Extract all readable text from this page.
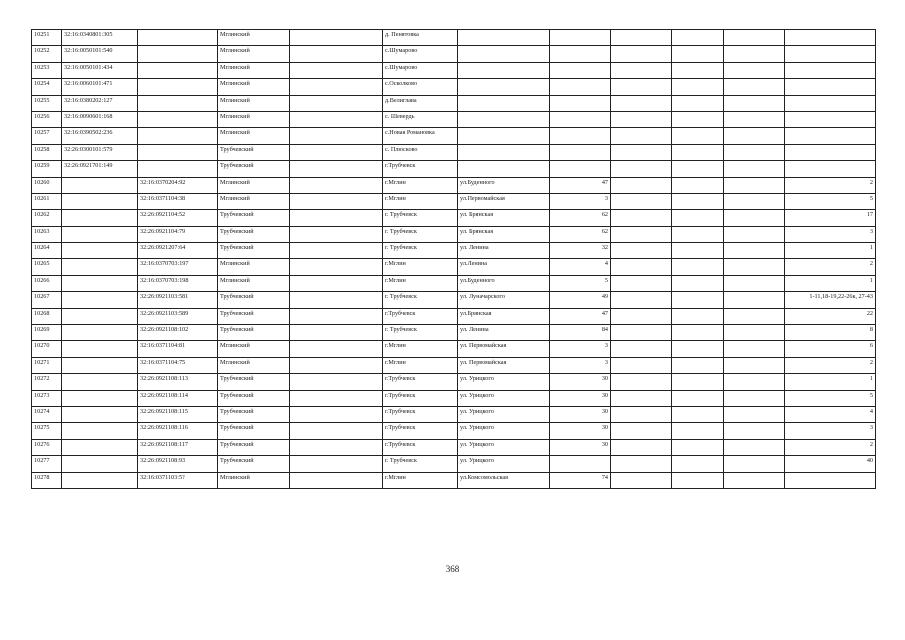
10251	32:16:0340801:305		Мглинский		д. Пенятовка						
10252	32:16:0050101:540		Мглинский		с.Шумарово						
10253	32:16:0050101:434		Мглинский		с.Шумарово						
10254	32:16:0060101:471		Мглинский		с.Осколково						
10255	32:16:0380202:127		Мглинский		д.Велиглава						
10256	32:16:0090601:168		Мглинский		с. Шевердь						
10257	32:16:0390502:236		Мглинский		с.Новая Романовка						
10258	32:26:0300101:579		Трубчевский		с. Плюсково						
10259	32:26:0921701:149		Трубчевский		г.Трубчевск						
10260		32:16:0370204:92	Мглинский		г.Мглин	ул.Буденного	47				2
10261		32:16:0371104:38	Мглинский		г.Мглин	ул.Первомайская	3				5
10262		32:26:0921104:52	Трубчевский		г. Трубчевск	ул. Брянская	62				17
10263		32:26:0921104:79	Трубчевский		г. Трубчевск	ул. Брянская	62				3
10264		32:26:0921207:64	Трубчевский		г. Трубчевск	ул. Ленина	32				1
10265		32:16:0370703:197	Мглинский		г.Мглин	ул.Ленина	4				2
10266		32:16:0370703:198	Мглинский		г.Мглин	ул.Буденного	5				1
10267		32:26:0921103:581	Трубчевский		г. Трубчевск	ул. Луначарского	49				1-11,18-19,22-26к, 27-43
10268		32:26:0921103:589	Трубчевский		г.Трубчевск	ул.Брянская	47				22
10269		32:26:0921108:102	Трубчевский		г. Трубчевск	ул. Ленина	84				8
10270		32:16:0371104:81	Мглинский		г.Мглин	ул. Первомайская	3				6
10271		32:16:0371104:75	Мглинский		г.Мглин	ул. Первомайская	3				2
10272		32:26:0921108:113	Трубчевский		г.Трубчевск	ул. Урицкого	30				1
10273		32:26:0921108:114	Трубчевский		г.Трубчевск	ул. Урицкого	30				5
10274		32:26:0921108:115	Трубчевский		г.Трубчевск	ул. Урицкого	30				4
10275		32:26:0921108:116	Трубчевский		г.Трубчевск	ул. Урицкого	30				3
10276		32:26:0921108:117	Трубчевский		г.Трубчевск	ул. Урицкого	30				2
10277		32:26:0921108:93	Трубчевский		г. Трубчевск	ул. Урицкого					40
10278		32:16:0371103:5?	Мглинский		г.Мглин	ул.Комсомольская	74				
368
